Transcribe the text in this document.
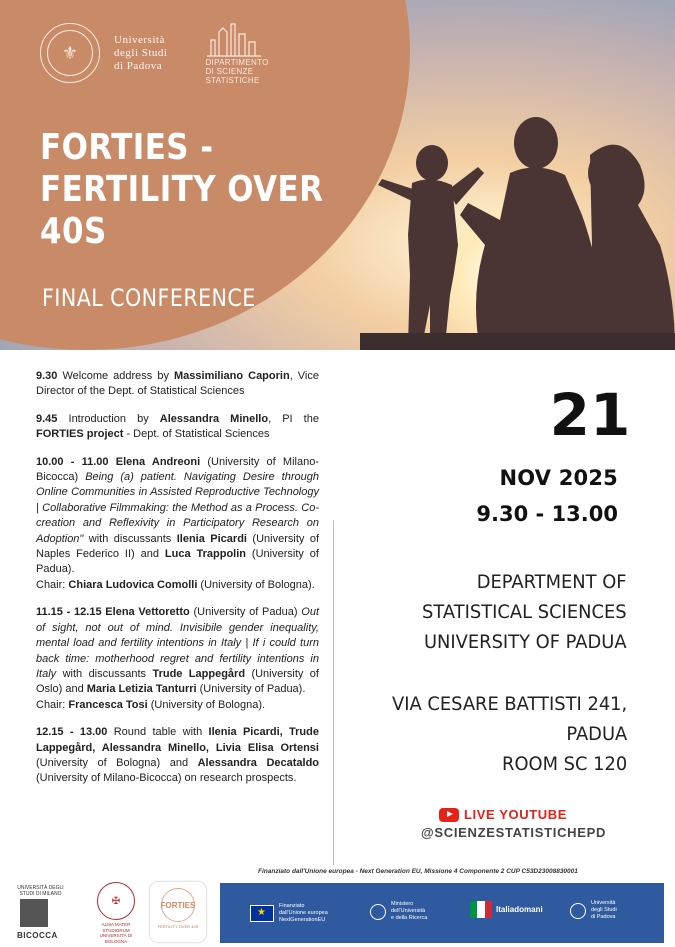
⚜
Università
degli Studi
di Padova	DIPARTIMENTO
DI SCIENZE
STATISTICHE
FORTIES - FERTILITY OVER 40S
FINAL CONFERENCE

9.30 Welcome address by Massimiliano Caporin, Vice Director of the Dept. of Statistical Sciences

9.45 Introduction by Alessandra Minello, PI the FORTIES project - Dept. of Statistical Sciences

10.00 - 11.00 Elena Andreoni (University of Milano-Bicocca) Being (a) patient. Navigating Desire through Online Communities in Assisted Reproductive Technology | Collaborative Filmmaking: the Method as a Process. Co-creation and Reflexivity in Participatory Research on Adoption" with discussants Ilenia Picardi (University of Naples Federico II) and Luca Trappolin (University of Padua).
Chair: Chiara Ludovica Comolli (University of Bologna).

11.15 - 12.15 Elena Vettoretto (University of Padua) Out of sight, not out of mind. Invisibile gender inequality, mental load and fertility intentions in Italy | If i could turn back time: motherhood regret and fertility intentions in Italy with discussants Trude Lappegård (University of Oslo) and Maria Letizia Tanturri (University of Padua).
Chair: Francesca Tosi (University of Bologna).

12.15 - 13.00 Round table with Ilenia Picardi, Trude Lappegård, Alessandra Minello, Livia Elisa Ortensi (University of Bologna) and Alessandra Decataldo (University of Milano-Bicocca) on research prospects.

21
NOV 2025
9.30 - 13.00
DEPARTMENT OF
STATISTICAL SCIENCES
UNIVERSITY OF PADUA
VIA CESARE BATTISTI 241,
PADUA
ROOM SC 120
LIVE YOUTUBE
@SCIENZESTATISTICHEPD
Finanziato dall'Unione europea - Next Generation EU, Missione 4 Componente 2 CUP C53D23008830001
UNIVERSITÀ DEGLI STUDI DI MILANO
BICOCCA
✠
ALMA MATER STUDIORUM
UNIVERSITÀ DI BOLOGNA
FORTIES
FERTILITY OVER 40S
★
Finanziato
dall'Unione europea
NextGenerationEU
Ministero
dell'Università
e della Ricerca
Italiadomani
Università
degli Studi
di Padova
